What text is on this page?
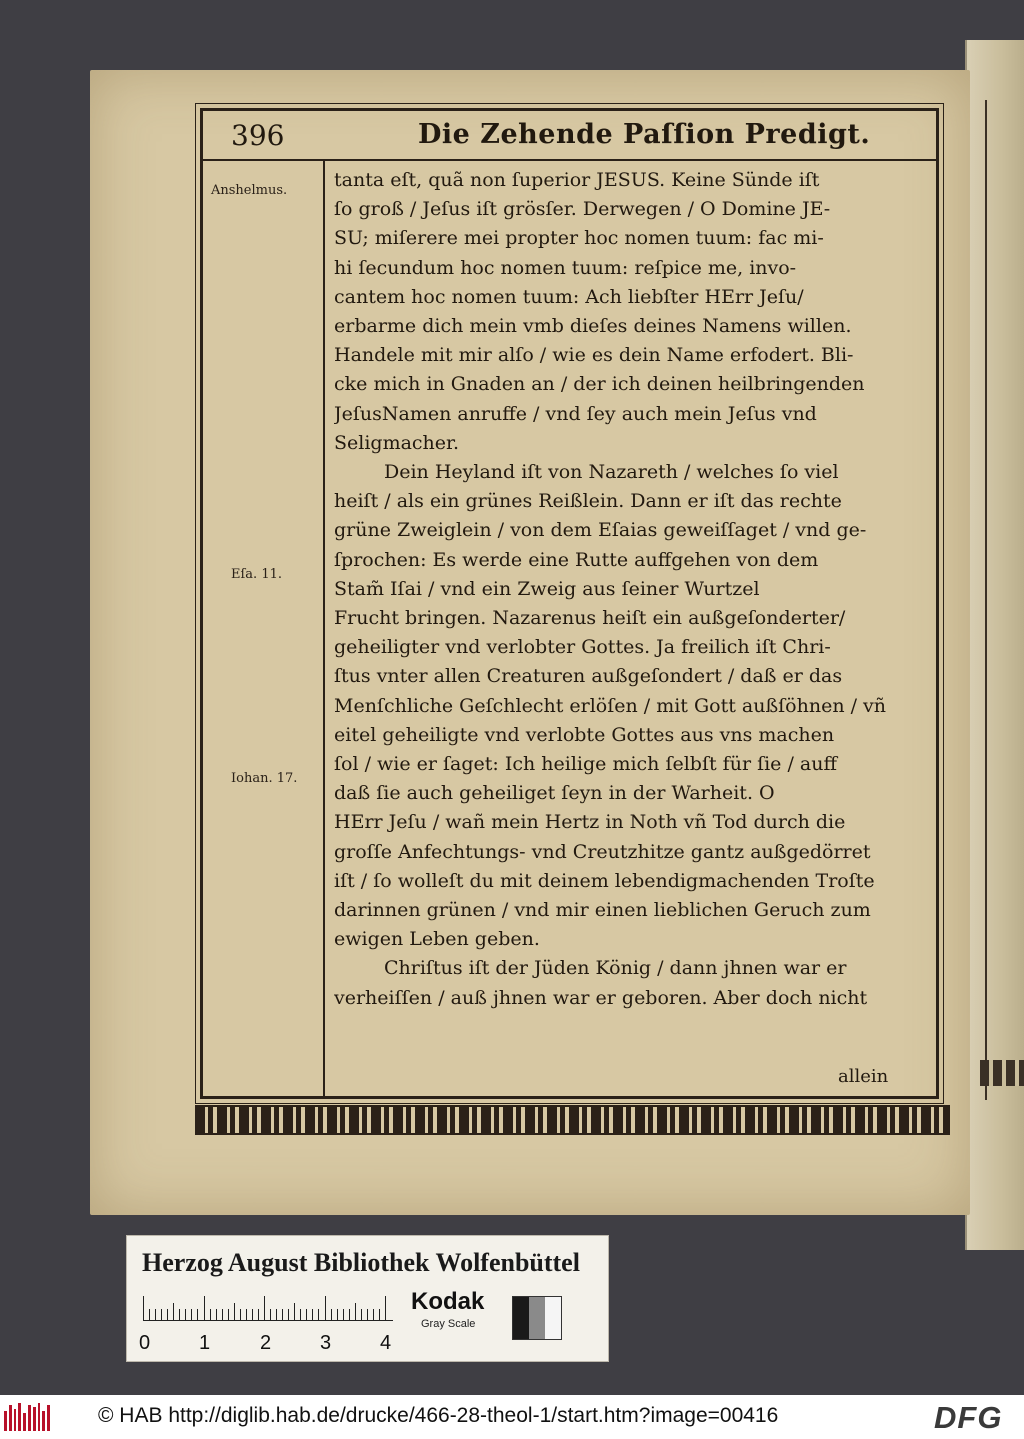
396	Die Zehende Paſſion Predigt.
Anshelmus.
Eſa. 11.
Iohan. 17.
tanta eſt, quã non ſuperior JESUS. Keine Sünde iſt
ſo groß / Jeſus iſt grösſer. Derwegen / O Domine JE-
SU; miſerere mei propter hoc nomen tuum: fac mi-
hi ſecundum hoc nomen tuum: reſpice me, invo-
cantem hoc nomen tuum: Ach liebſter HErr Jeſu/
erbarme dich mein vmb dieſes deines Namens willen.
Handele mit mir alſo / wie es dein Name erfodert. Bli-
cke mich in Gnaden an / der ich deinen heilbringenden
JeſusNamen anruffe / vnd ſey auch mein Jeſus vnd
Seligmacher.
Dein Heyland iſt von Nazareth / welches ſo viel
heiſt / als ein grünes Reißlein. Dann er iſt das rechte
grüne Zweiglein / von dem Eſaias geweiſſaget / vnd ge-
ſprochen: Es werde eine Rutte auffgehen von dem
Stam̃ Iſai / vnd ein Zweig aus ſeiner Wurtzel
Frucht bringen. Nazarenus heiſt ein außgeſonderter/
geheiligter vnd verlobter Gottes. Ja freilich iſt Chri-
ſtus vnter allen Creaturen außgeſondert / daß er das
Menſchliche Geſchlecht erlöſen / mit Gott außſöhnen / vñ
eitel geheiligte vnd verlobte Gottes aus vns machen
ſol / wie er ſaget: Ich heilige mich ſelbſt für ſie / auff
daß ſie auch geheiliget ſeyn in der Warheit. O
HErr Jeſu / wañ mein Hertz in Noth vñ Tod durch die
groſſe Anfechtungs- vnd Creutzhitze gantz außgedörret
iſt / ſo wolleſt du mit deinem lebendigmachenden Troſte
darinnen grünen / vnd mir einen lieblichen Geruch zum
ewigen Leben geben.
Chriſtus iſt der Jüden König / dann jhnen war er
verheiſſen / auß jhnen war er geboren. Aber doch nicht
allein
Herzog August Bibliothek Wolfenbüttel
0 1 2 3 4
Kodak
Gray Scale
© HAB http://diglib.hab.de/drucke/466-28-theol-1/start.htm?image=00416	DFG
